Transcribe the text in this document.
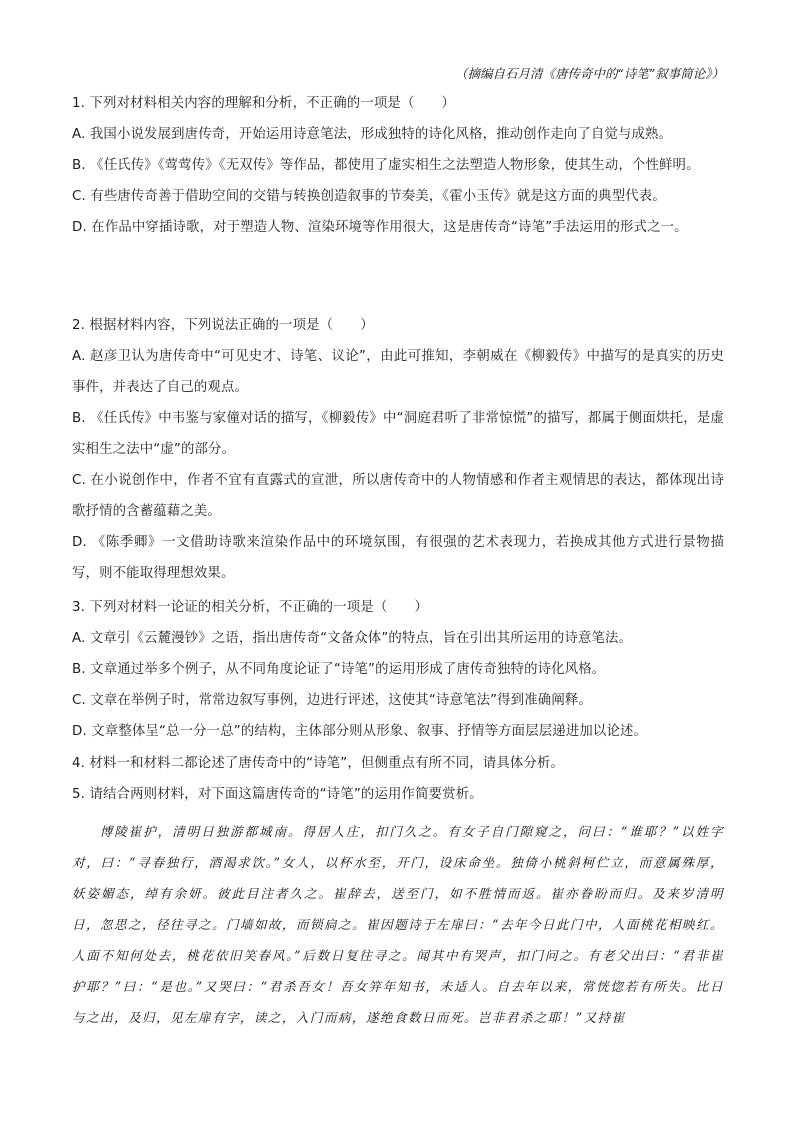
（摘编自石月清《唐传奇中的“诗笔”叙事简论》）

1. 下列对材料相关内容的理解和分析，不正确的一项是（　　）

A. 我国小说发展到唐传奇，开始运用诗意笔法，形成独特的诗化风格，推动创作走向了自觉与成熟。

B. 《任氏传》《莺莺传》《无双传》等作品，都使用了虚实相生之法塑造人物形象，使其生动，个性鲜明。

C. 有些唐传奇善于借助空间的交错与转换创造叙事的节奏美，《霍小玉传》就是这方面的典型代表。

D. 在作品中穿插诗歌，对于塑造人物、渲染环境等作用很大，这是唐传奇“诗笔”手法运用的形式之一。

2. 根据材料内容，下列说法正确的一项是（　　）

A. 赵彦卫认为唐传奇中“可见史才、诗笔、议论”，由此可推知，李朝威在《柳毅传》中描写的是真实的历史事件，并表达了自己的观点。

B. 《任氏传》中韦鉴与家僮对话的描写，《柳毅传》中“洞庭君听了非常惊慌”的描写，都属于侧面烘托，是虚实相生之法中“虚”的部分。

C. 在小说创作中，作者不宜有直露式的宣泄，所以唐传奇中的人物情感和作者主观情思的表达，都体现出诗歌抒情的含蓄蕴藉之美。

D. 《陈季卿》一文借助诗歌来渲染作品中的环境氛围，有很强的艺术表现力，若换成其他方式进行景物描写，则不能取得理想效果。

3. 下列对材料一论证的相关分析，不正确的一项是（　　）

A. 文章引《云麓漫钞》之语，指出唐传奇“文备众体”的特点，旨在引出其所运用的诗意笔法。

B. 文章通过举多个例子，从不同角度论证了“诗笔”的运用形成了唐传奇独特的诗化风格。

C. 文章在举例子时，常常边叙写事例，边进行评述，这使其“诗意笔法”得到准确阐释。

D. 文章整体呈“总一分一总”的结构，主体部分则从形象、叙事、抒情等方面层层递进加以论述。

4. 材料一和材料二都论述了唐传奇中的“诗笔”，但侧重点有所不同，请具体分析。

5. 请结合两则材料，对下面这篇唐传奇的“诗笔”的运用作简要赏析。

博陵崔护，清明日独游都城南。得居人庄，扣门久之。有女子自门隙窥之，问曰：“谁耶？”以姓字对，曰：“寻春独行，酒渴求饮。”女人，以杯水至，开门，设床命坐。独倚小桃斜柯伫立，而意属殊厚，妖姿媚态，绰有余妍。彼此目注者久之。崔辞去，送至门，如不胜情而返。崔亦眷盼而归。及来岁清明日，忽思之，径往寻之。门墙如故，而锁扃之。崔因题诗于左扉曰：“去年今日此门中，人面桃花相映红。人面不知何处去，桃花依旧笑春风。”后数日复往寻之。闻其中有哭声，扣门问之。有老父出曰：“君非崔护耶？”曰：“是也。”又哭曰：“君杀吾女！吾女笄年知书，未适人。自去年以来，常恍惚若有所失。比日与之出，及归，见左扉有字，读之，入门而病，遂绝食数日而死。岂非君杀之耶！”又持崔
